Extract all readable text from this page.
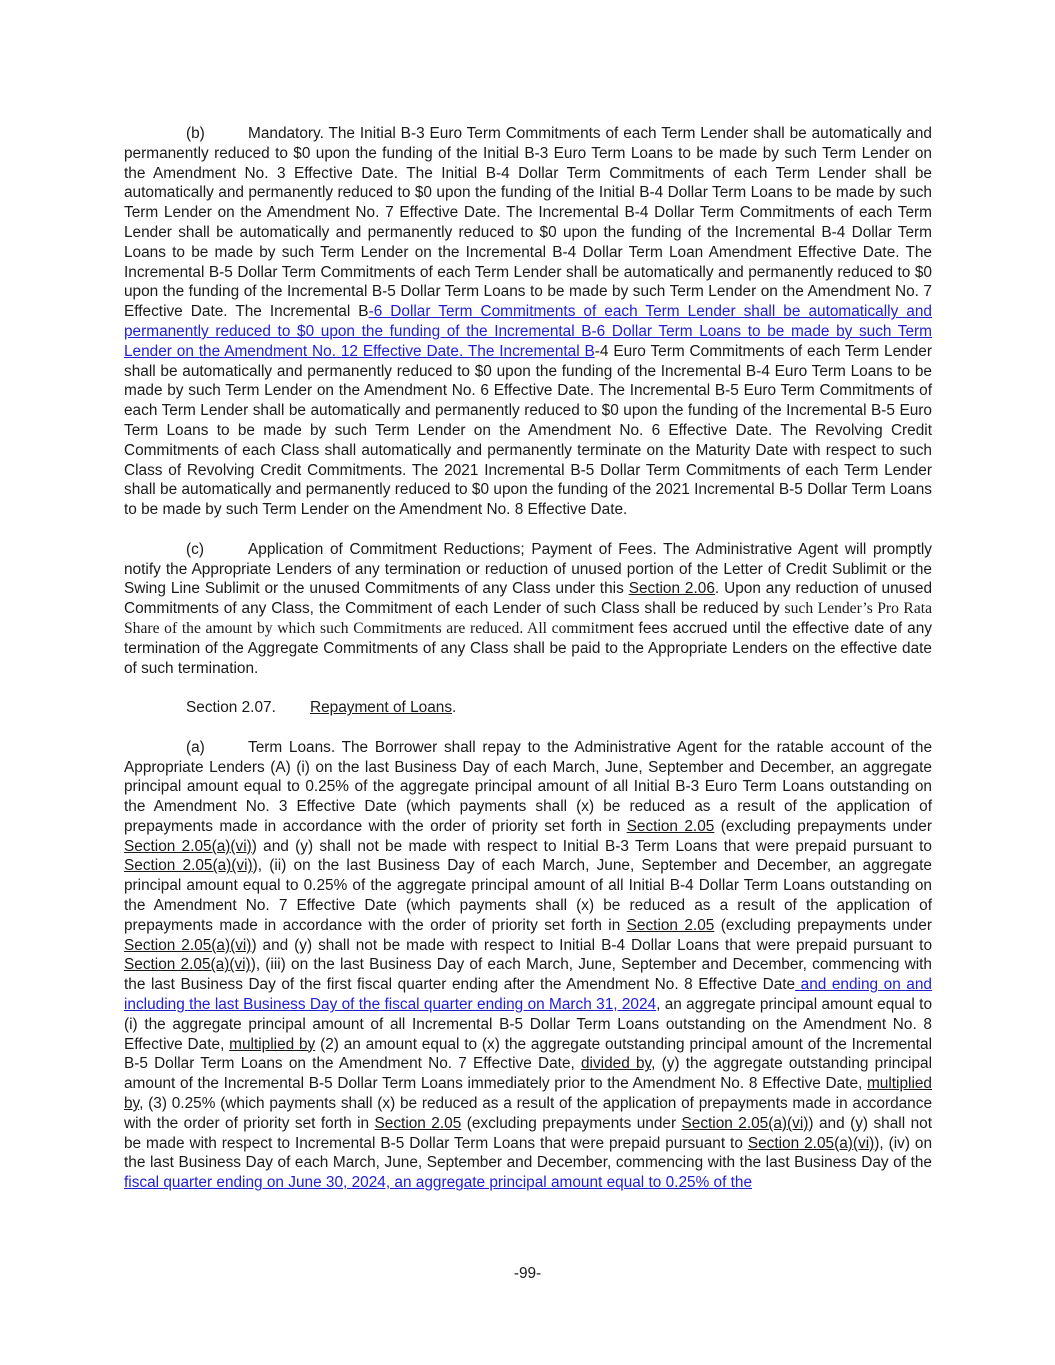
(b)	Mandatory. The Initial B-3 Euro Term Commitments of each Term Lender shall be automatically and permanently reduced to $0 upon the funding of the Initial B-3 Euro Term Loans to be made by such Term Lender on the Amendment No. 3 Effective Date. The Initial B-4 Dollar Term Commitments of each Term Lender shall be automatically and permanently reduced to $0 upon the funding of the Initial B-4 Dollar Term Loans to be made by such Term Lender on the Amendment No. 7 Effective Date. The Incremental B-4 Dollar Term Commitments of each Term Lender shall be automatically and permanently reduced to $0 upon the funding of the Incremental B-4 Dollar Term Loans to be made by such Term Lender on the Incremental B-4 Dollar Term Loan Amendment Effective Date. The Incremental B-5 Dollar Term Commitments of each Term Lender shall be automatically and permanently reduced to $0 upon the funding of the Incremental B-5 Dollar Term Loans to be made by such Term Lender on the Amendment No. 7 Effective Date. The Incremental B-6 Dollar Term Commitments of each Term Lender shall be automatically and permanently reduced to $0 upon the funding of the Incremental B-6 Dollar Term Loans to be made by such Term Lender on the Amendment No. 12 Effective Date. The Incremental B-4 Euro Term Commitments of each Term Lender shall be automatically and permanently reduced to $0 upon the funding of the Incremental B-4 Euro Term Loans to be made by such Term Lender on the Amendment No. 6 Effective Date. The Incremental B-5 Euro Term Commitments of each Term Lender shall be automatically and permanently reduced to $0 upon the funding of the Incremental B-5 Euro Term Loans to be made by such Term Lender on the Amendment No. 6 Effective Date. The Revolving Credit Commitments of each Class shall automatically and permanently terminate on the Maturity Date with respect to such Class of Revolving Credit Commitments. The 2021 Incremental B-5 Dollar Term Commitments of each Term Lender shall be automatically and permanently reduced to $0 upon the funding of the 2021 Incremental B-5 Dollar Term Loans to be made by such Term Lender on the Amendment No. 8 Effective Date.

(c)	Application of Commitment Reductions; Payment of Fees. The Administrative Agent will promptly notify the Appropriate Lenders of any termination or reduction of unused portion of the Letter of Credit Sublimit or the Swing Line Sublimit or the unused Commitments of any Class under this Section 2.06. Upon any reduction of unused Commitments of any Class, the Commitment of each Lender of such Class shall be reduced by such Lender’s Pro Rata Share of the amount by which such Commitments are reduced. All commitment fees accrued until the effective date of any termination of the Aggregate Commitments of any Class shall be paid to the Appropriate Lenders on the effective date of such termination.

Section 2.07. Repayment of Loans.

(a)	Term Loans. The Borrower shall repay to the Administrative Agent for the ratable account of the Appropriate Lenders (A) (i) on the last Business Day of each March, June, September and December, an aggregate principal amount equal to 0.25% of the aggregate principal amount of all Initial B-3 Euro Term Loans outstanding on the Amendment No. 3 Effective Date (which payments shall (x) be reduced as a result of the application of prepayments made in accordance with the order of priority set forth in Section 2.05 (excluding prepayments under Section 2.05(a)(vi)) and (y) shall not be made with respect to Initial B-3 Term Loans that were prepaid pursuant to Section 2.05(a)(vi)), (ii) on the last Business Day of each March, June, September and December, an aggregate principal amount equal to 0.25% of the aggregate principal amount of all Initial B-4 Dollar Term Loans outstanding on the Amendment No. 7 Effective Date (which payments shall (x) be reduced as a result of the application of prepayments made in accordance with the order of priority set forth in Section 2.05 (excluding prepayments under Section 2.05(a)(vi)) and (y) shall not be made with respect to Initial B-4 Dollar Loans that were prepaid pursuant to Section 2.05(a)(vi)), (iii) on the last Business Day of each March, June, September and December, commencing with the last Business Day of the first fiscal quarter ending after the Amendment No. 8 Effective Date and ending on and including the last Business Day of the fiscal quarter ending on March 31, 2024, an aggregate principal amount equal to (i) the aggregate principal amount of all Incremental B-5 Dollar Term Loans outstanding on the Amendment No. 8 Effective Date, multiplied by (2) an amount equal to (x) the aggregate outstanding principal amount of the Incremental B-5 Dollar Term Loans on the Amendment No. 7 Effective Date, divided by, (y) the aggregate outstanding principal amount of the Incremental B-5 Dollar Term Loans immediately prior to the Amendment No. 8 Effective Date, multiplied by, (3) 0.25% (which payments shall (x) be reduced as a result of the application of prepayments made in accordance with the order of priority set forth in Section 2.05 (excluding prepayments under Section 2.05(a)(vi)) and (y) shall not be made with respect to Incremental B-5 Dollar Term Loans that were prepaid pursuant to Section 2.05(a)(vi)), (iv) on the last Business Day of each March, June, September and December, commencing with the last Business Day of the fiscal quarter ending on June 30, 2024, an aggregate principal amount equal to 0.25% of the

-99-
